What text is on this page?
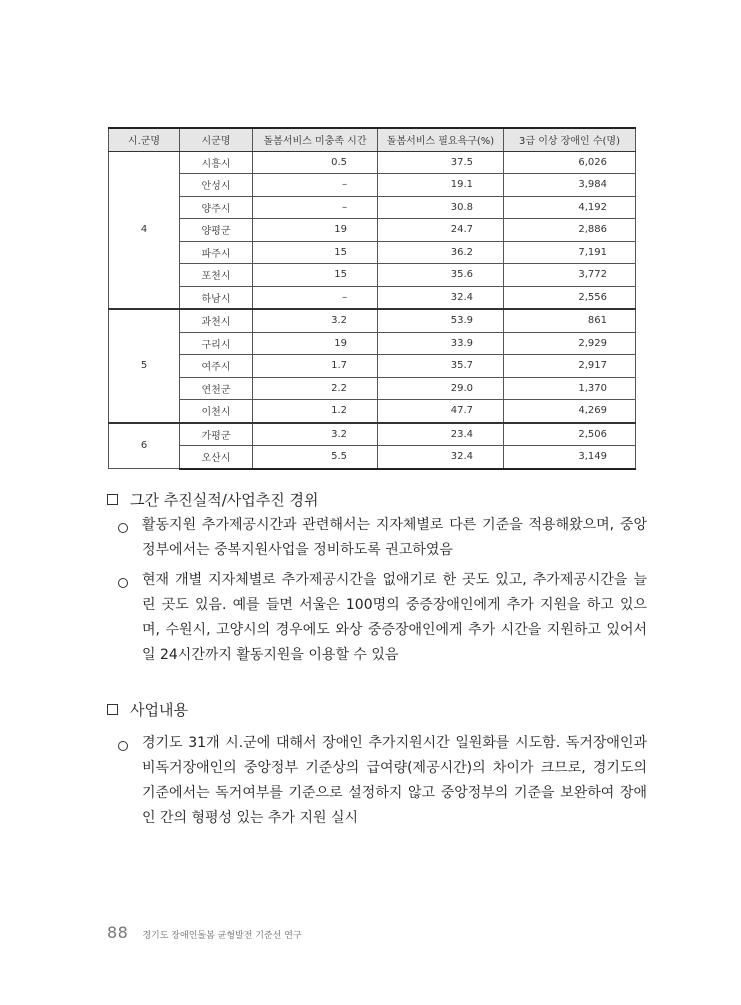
시.군명	시군명	돌봄서비스 미충족 시간	돌봄서비스 필요욕구(%)	3급 이상 장애인 수(명)
4	시흥시	0.5	37.5	6,026
	안성시	–	19.1	3,984
	양주시	–	30.8	4,192
	양평군	19	24.7	2,886
	파주시	15	36.2	7,191
	포천시	15	35.6	3,772
	하남시	–	32.4	2,556
5	과천시	3.2	53.9	861
	구리시	19	33.9	2,929
	여주시	1.7	35.7	2,917
	연천군	2.2	29.0	1,370
	이천시	1.2	47.7	4,269
6	가평군	3.2	23.4	2,506
	오산시	5.5	32.4	3,149
그간 추진실적/사업추진 경위
활동지원 추가제공시간과 관련해서는 지자체별로 다른 기준을 적용해왔으며, 중앙
정부에서는 중복지원사업을 정비하도록 권고하였음
현재 개별 지자체별로 추가제공시간을 없애기로 한 곳도 있고, 추가제공시간을 늘
린 곳도 있음. 예를 들면 서울은 100명의 중증장애인에게 추가 지원을 하고 있으
며, 수원시, 고양시의 경우에도 와상 중증장애인에게 추가 시간을 지원하고 있어서
일 24시간까지 활동지원을 이용할 수 있음
사업내용
경기도 31개 시.군에 대해서 장애인 추가지원시간 일원화를 시도함. 독거장애인과
비독거장애인의 중앙정부 기준상의 급여량(제공시간)의 차이가 크므로, 경기도의
기준에서는 독거여부를 기준으로 설정하지 않고 중앙정부의 기준을 보완하여 장애
인 간의 형평성 있는 추가 지원 실시
88 경기도 장애인돌봄 균형발전 기준선 연구
